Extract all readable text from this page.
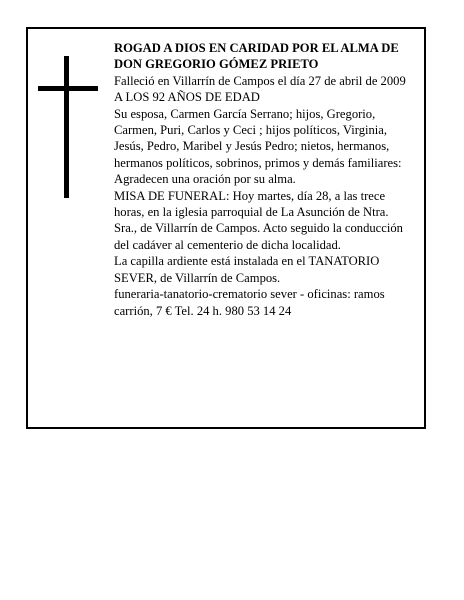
ROGAD A DIOS EN CARIDAD POR EL ALMA DE DON GREGORIO GÓMEZ PRIETO

Falleció en Villarrín de Campos el día 27 de abril de 2009

A LOS 92 AÑOS DE EDAD

Su esposa, Carmen García Serrano; hijos, Gregorio, Carmen, Puri, Carlos y Ceci ; hijos políticos, Virginia, Jesús, Pedro, Maribel y Jesús Pedro; nietos, hermanos, hermanos políticos, sobrinos, primos y demás familiares:

Agradecen una oración por su alma.

MISA DE FUNERAL: Hoy martes, día 28, a las trece horas, en la iglesia parroquial de La Asunción de Ntra. Sra., de Villarrín de Campos. Acto seguido la conducción del cadáver al cementerio de dicha localidad.

La capilla ardiente está instalada en el TANATORIO SEVER, de Villarrín de Campos.

funeraria-tanatorio-crematorio sever - oficinas: ramos carrión, 7 € Tel. 24 h. 980 53 14 24
